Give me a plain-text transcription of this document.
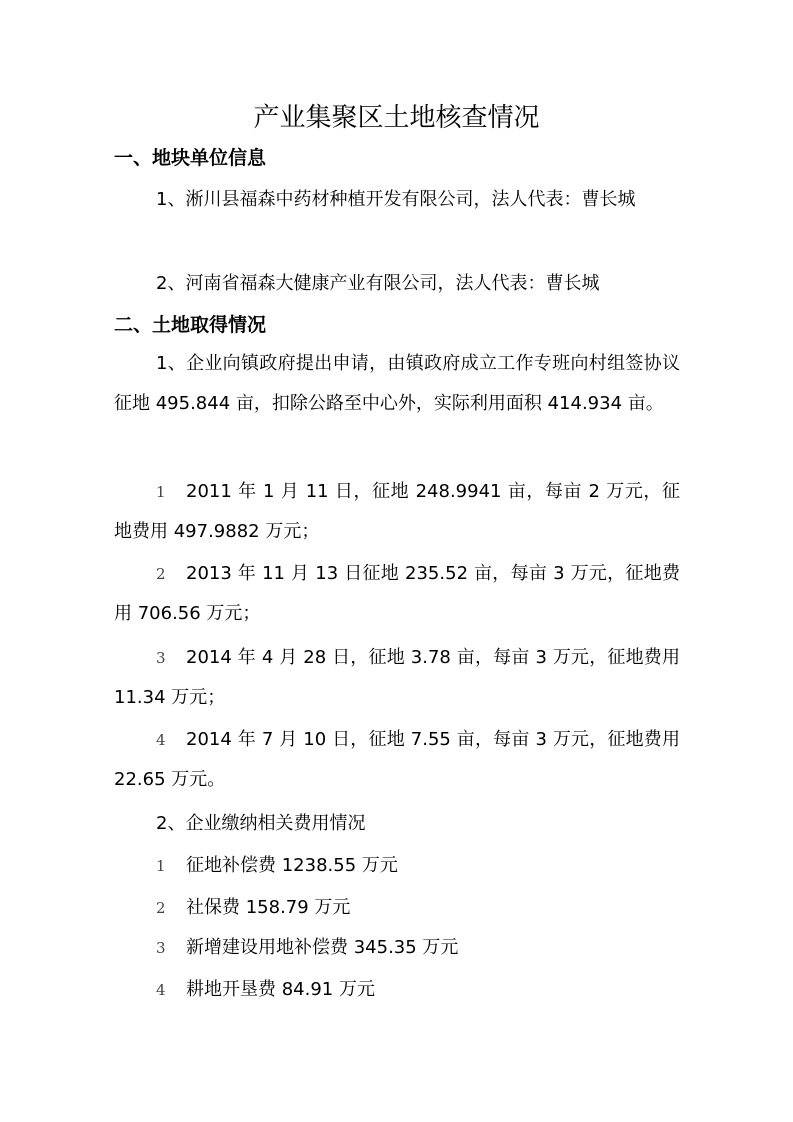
产业集聚区土地核查情况
一、地块单位信息

1、淅川县福森中药材种植开发有限公司，法人代表：曹长城

2、河南省福森大健康产业有限公司，法人代表：曹长城

二、土地取得情况

1、企业向镇政府提出申请，由镇政府成立工作专班向村组签协议征地 495.844 亩，扣除公路至中心外，实际利用面积 414.934 亩。

1 2011 年 1 月 11 日，征地 248.9941 亩，每亩 2 万元，征地费用 497.9882 万元；

2 2013 年 11 月 13 日征地 235.52 亩，每亩 3 万元，征地费用 706.56 万元；

3 2014 年 4 月 28 日，征地 3.78 亩，每亩 3 万元，征地费用 11.34 万元；

4 2014 年 7 月 10 日，征地 7.55 亩，每亩 3 万元，征地费用 22.65 万元。

2、企业缴纳相关费用情况

1 征地补偿费 1238.55 万元

2 社保费 158.79 万元

3 新增建设用地补偿费 345.35 万元

4 耕地开垦费 84.91 万元
